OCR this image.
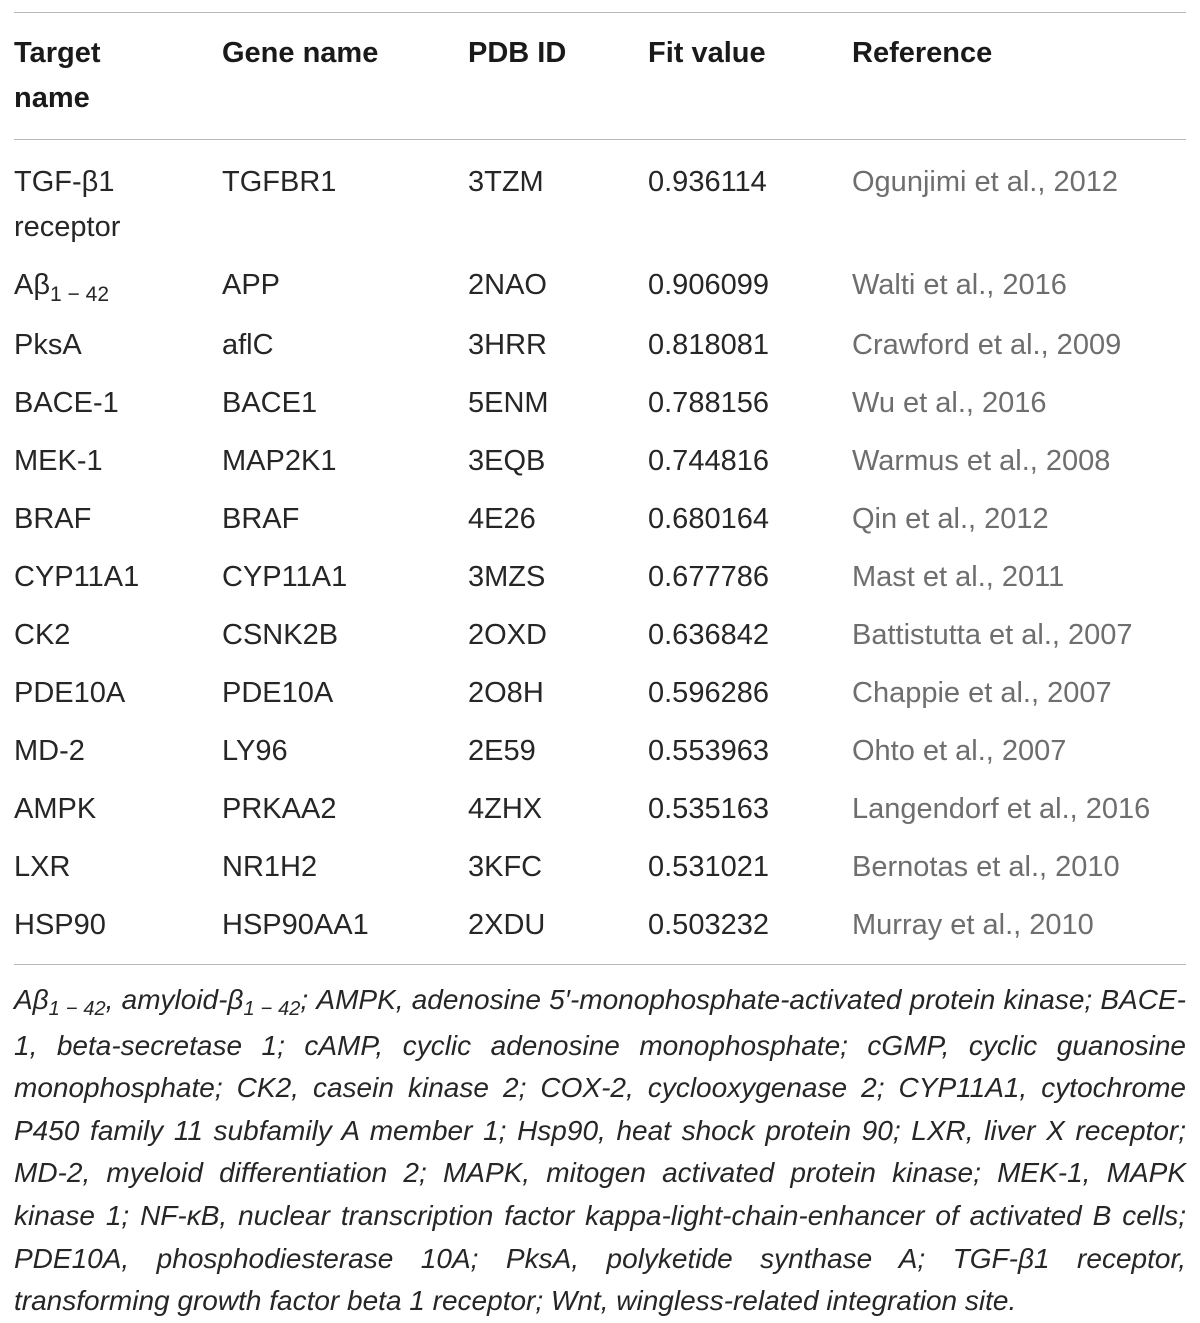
Target name	Gene name	PDB ID	Fit value	Reference
TGF-β1 receptor	TGFBR1	3TZM	0.936114	Ogunjimi et al., 2012
$A\beta_{1 - 42}$	APP	2NAO	0.906099	Walti et al., 2016
PksA	aflC	3HRR	0.818081	Crawford et al., 2009
BACE-1	BACE1	5ENM	0.788156	Wu et al., 2016
MEK-1	MAP2K1	3EQB	0.744816	Warmus et al., 2008
BRAF	BRAF	4E26	0.680164	Qin et al., 2012
CYP11A1	CYP11A1	3MZS	0.677786	Mast et al., 2011
CK2	CSNK2B	2OXD	0.636842	Battistutta et al., 2007
PDE10A	PDE10A	2O8H	0.596286	Chappie et al., 2007
MD-2	LY96	2E59	0.553963	Ohto et al., 2007
AMPK	PRKAA2	4ZHX	0.535163	Langendorf et al., 2016
LXR	NR1H2	3KFC	0.531021	Bernotas et al., 2010
HSP90	HSP90AA1	2XDU	0.503232	Murray et al., 2010

$A\beta_{1 - 42}$, amyloid-$\beta_{1 - 42}$; AMPK, adenosine 5′-monophosphate-activated protein kinase; BACE-1, beta-secretase 1; cAMP, cyclic adenosine monophosphate; cGMP, cyclic guanosine monophosphate; CK2, casein kinase 2; COX-2, cyclooxygenase 2; CYP11A1, cytochrome P450 family 11 subfamily A member 1; Hsp90, heat shock protein 90; LXR, liver X receptor; MD-2, myeloid differentiation 2; MAPK, mitogen activated protein kinase; MEK-1, MAPK kinase 1; NF-κB, nuclear transcription factor kappa-light-chain-enhancer of activated B cells; PDE10A, phosphodiesterase 10A; PksA, polyketide synthase A; TGF-β1 receptor, transforming growth factor beta 1 receptor; Wnt, wingless-related integration site.
